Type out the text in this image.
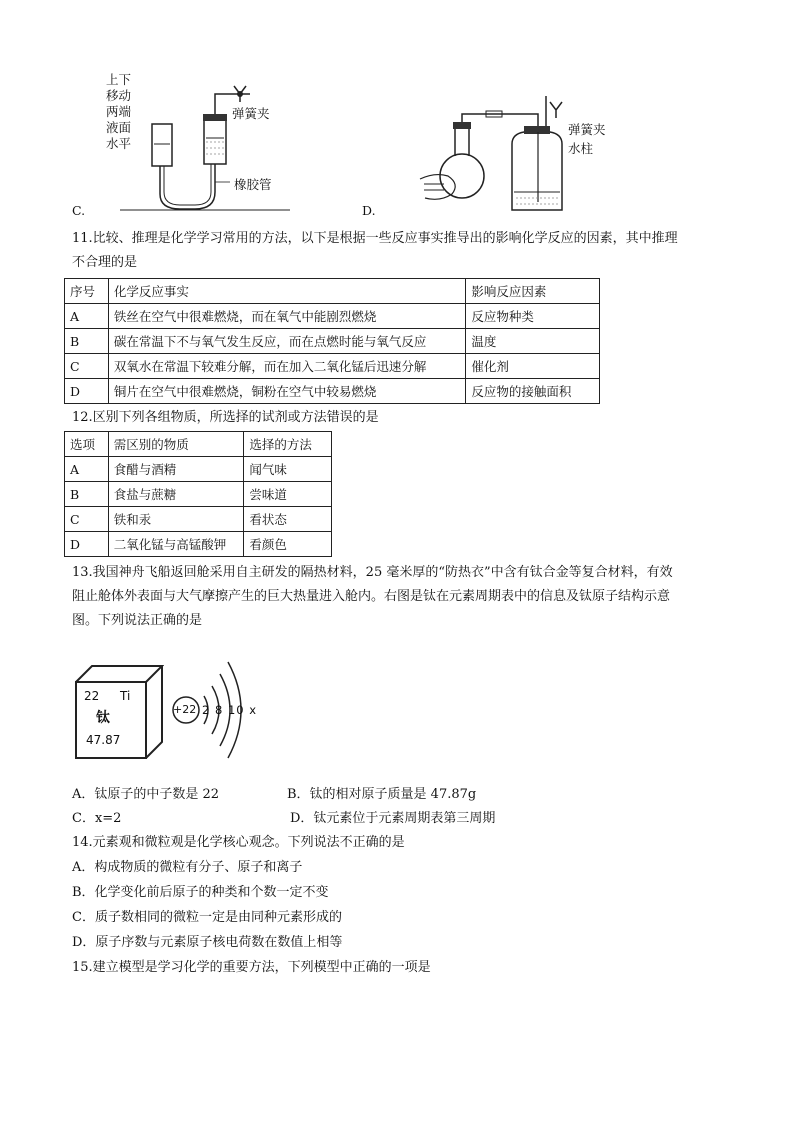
上下
移动
两端
液面
水平
弹簧夹
橡胶管
C.
弹簧夹
水柱
D.
11.比较、推理是化学学习常用的方法，以下是根据一些反应事实推导出的影响化学反应的因素，其中推理
不合理的是
序号	化学反应事实	影响反应因素
A	铁丝在空气中很难燃烧，而在氧气中能剧烈燃烧	反应物种类
B	碳在常温下不与氧气发生反应，而在点燃时能与氧气反应	温度
C	双氧水在常温下较难分解，而在加入二氧化锰后迅速分解	催化剂
D	铜片在空气中很难燃烧，铜粉在空气中较易燃烧	反应物的接触面积
12.区别下列各组物质，所选择的试剂或方法错误的是
选项	需区别的物质	选择的方法
A	食醋与酒精	闻气味
B	食盐与蔗糖	尝味道
C	铁和汞	看状态
D	二氧化锰与高锰酸钾	看颜色
13.我国神舟飞船返回舱采用自主研发的隔热材料，25 毫米厚的“防热衣”中含有钛合金等复合材料，有效
阻止舱体外表面与大气摩擦产生的巨大热量进入舱内。右图是钛在元素周期表中的信息及钛原子结构示意
图。下列说法正确的是
22 Ti
钛
47.87
+22 2 8 10 x
A．钛原子的中子数是 22	B．钛的相对原子质量是 47.87g
C．x=2	D．钛元素位于元素周期表第三周期
14.元素观和微粒观是化学核心观念。下列说法不正确的是
A．构成物质的微粒有分子、原子和离子
B．化学变化前后原子的种类和个数一定不变
C．质子数相同的微粒一定是由同种元素形成的
D．原子序数与元素原子核电荷数在数值上相等
15.建立模型是学习化学的重要方法，下列模型中正确的一项是
